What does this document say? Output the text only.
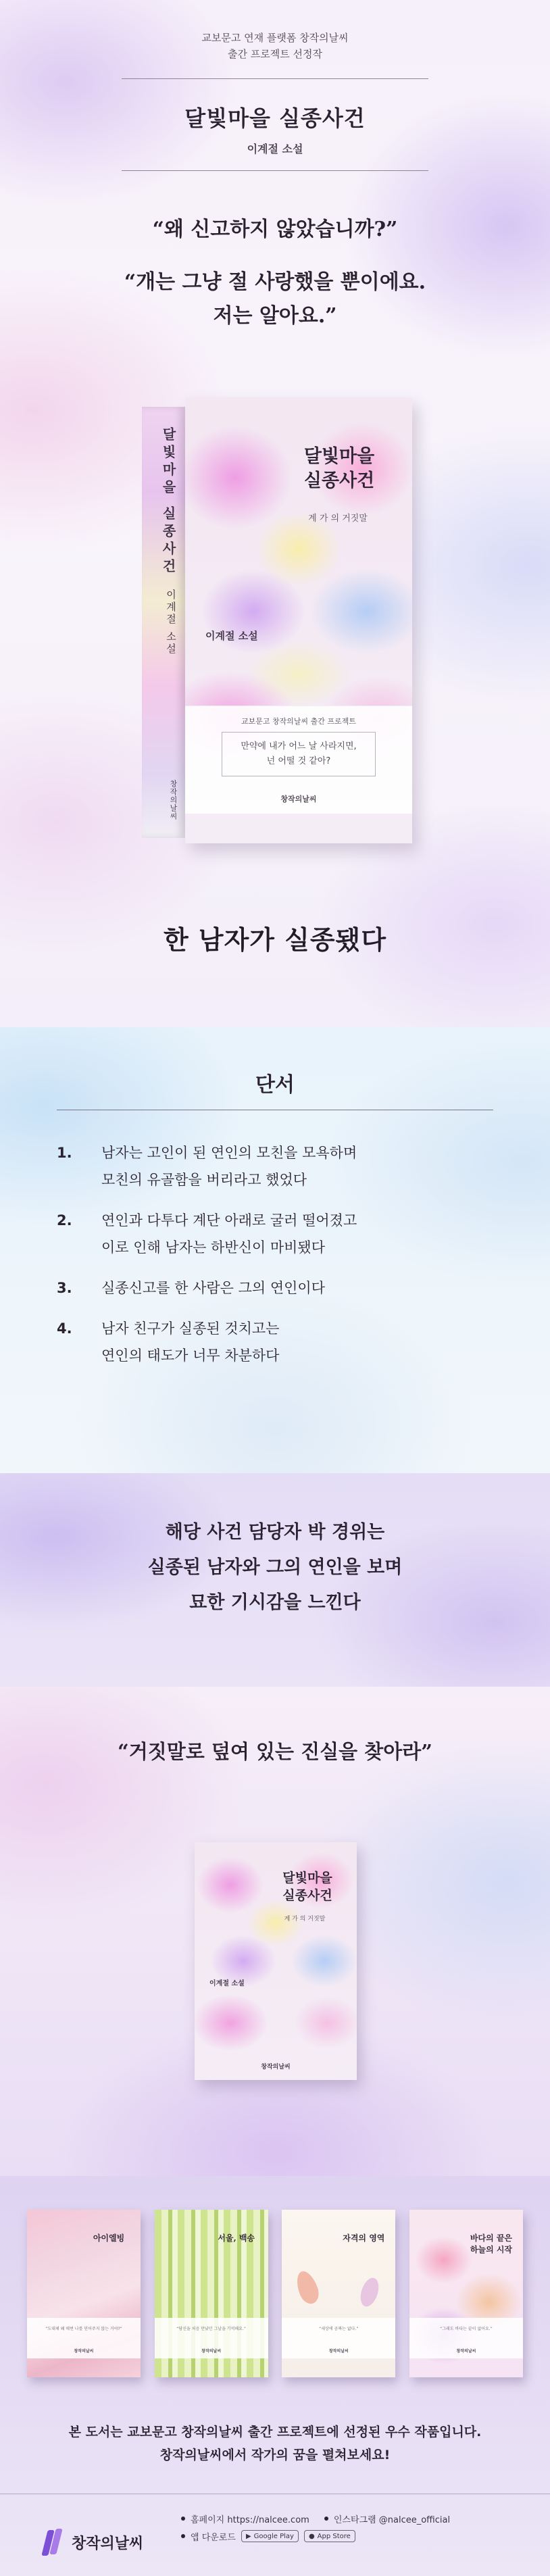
교보문고 연재 플랫폼 창작의날씨
출간 프로젝트 선정작
달빛마을 실종사건
이계절 소설
“왜 신고하지 않았습니까?”
“개는 그냥 절 사랑했을 뿐이에요.
저는 알아요.”
달빛마을 실종사건
이계절 소설
창작의날씨
달빛마을
실종사건
계 가 의 거짓말
이계절 소설
교보문고 창작의날씨 출간 프로젝트
만약에 내가 어느 날 사라지면,
넌 어떨 것 같아?
창작의날씨
한 남자가 실종됐다
단서
1.	남자는 고인이 된 연인의 모친을 모욕하며
모친의 유골함을 버리라고 했었다
2.	연인과 다투다 계단 아래로 굴러 떨어졌고
이로 인해 남자는 하반신이 마비됐다
3.	실종신고를 한 사람은 그의 연인이다
4.	남자 친구가 실종된 것치고는
연인의 태도가 너무 차분하다
해당 사건 담당자 박 경위는
실종된 남자와 그의 연인을 보며
묘한 기시감을 느낀다
“거짓말로 덮여 있는 진실을 찾아라”
달빛마을
실종사건
계 가 의 거짓말
이계절 소설
창작의날씨
아이엘빙
“도대체 왜 매번 나를 믿어주지 않는 거야?”
창작의날씨
서울, 백송
“당신을 처음 만났던 그날을 기억해요.”
창작의날씨
자격의 영역
“세상에 공짜는 없다.”
창작의날씨
바다의 끝은 하늘의 시작
“그래도 바다는 끝이 없어요.”
창작의날씨
본 도서는 교보문고 창작의날씨 출간 프로젝트에 선정된 우수 작품입니다.
창작의날씨에서 작가의 꿈을 펼쳐보세요!
창작의날씨
홈페이지 https://nalcee.com	인스타그램 @nalcee_official
앱 다운로드 ▶ Google Play ● App Store
